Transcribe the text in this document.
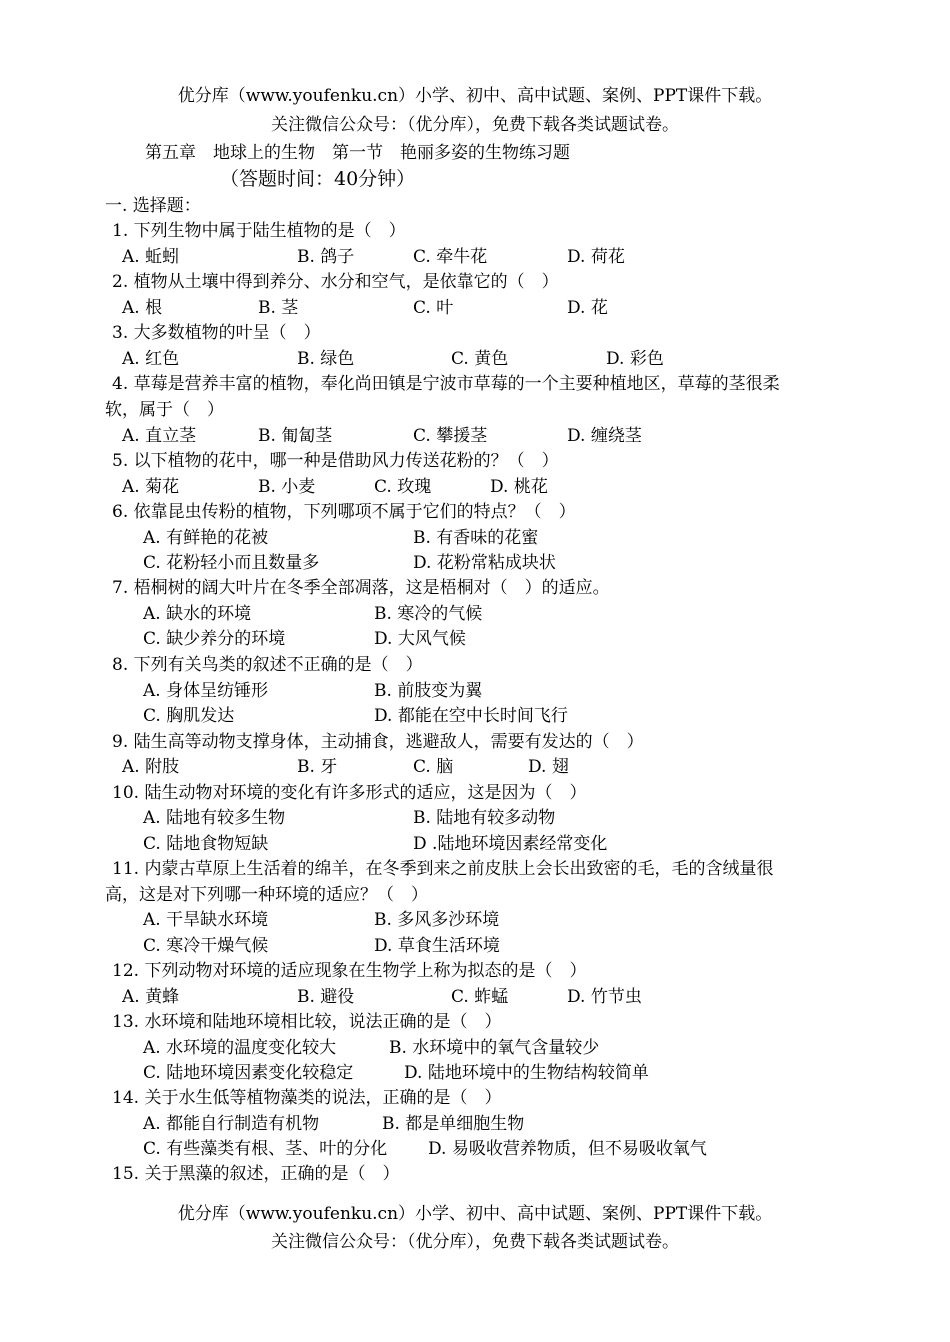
优分库（www.youfenku.cn）小学、初中、高中试题、案例、PPT课件下载。
关注微信公众号：（优分库），免费下载各类试题试卷。
第五章　地球上的生物　第一节　艳丽多姿的生物练习题
（答题时间：40分钟）
一. 选择题：
1. 下列生物中属于陆生植物的是（　）
A. 蚯蚓	B. 鸽子	C. 牵牛花	D. 荷花
2. 植物从土壤中得到养分、水分和空气，是依靠它的（　）
A. 根	B. 茎	C. 叶	D. 花
3. 大多数植物的叶呈（　）
A. 红色	B. 绿色	C. 黄色	D. 彩色
4. 草莓是营养丰富的植物，奉化尚田镇是宁波市草莓的一个主要种植地区，草莓的茎很柔
软，属于（　）
A. 直立茎	B. 匍匐茎	C. 攀援茎	D. 缠绕茎
5. 以下植物的花中，哪一种是借助风力传送花粉的？（　）
A. 菊花	B. 小麦	C. 玫瑰	D. 桃花
6. 依靠昆虫传粉的植物，下列哪项不属于它们的特点？（　）
A. 有鲜艳的花被	B. 有香味的花蜜
C. 花粉轻小而且数量多	D. 花粉常粘成块状
7. 梧桐树的阔大叶片在冬季全部凋落，这是梧桐对（　）的适应。
A. 缺水的环境	B. 寒冷的气候
C. 缺少养分的环境	D. 大风气候
8. 下列有关鸟类的叙述不正确的是（　）
A. 身体呈纺锤形	B. 前肢变为翼
C. 胸肌发达	D. 都能在空中长时间飞行
9. 陆生高等动物支撑身体，主动捕食，逃避敌人，需要有发达的（　）
A. 附肢	B. 牙	C. 脑	D. 翅
10. 陆生动物对环境的变化有许多形式的适应，这是因为（　）
A. 陆地有较多生物	B. 陆地有较多动物
C. 陆地食物短缺	D .陆地环境因素经常变化
11. 内蒙古草原上生活着的绵羊，在冬季到来之前皮肤上会长出致密的毛，毛的含绒量很
高，这是对下列哪一种环境的适应？（　）
A. 干旱缺水环境	B. 多风多沙环境
C. 寒冷干燥气候	D. 草食生活环境
12. 下列动物对环境的适应现象在生物学上称为拟态的是（　）
A. 黄蜂	B. 避役	C. 蚱蜢	D. 竹节虫
13. 水环境和陆地环境相比较，说法正确的是（　）
A. 水环境的温度变化较大	B. 水环境中的氧气含量较少
C. 陆地环境因素变化较稳定	D. 陆地环境中的生物结构较简单
14. 关于水生低等植物藻类的说法，正确的是（　）
A. 都能自行制造有机物	B. 都是单细胞生物
C. 有些藻类有根、茎、叶的分化 D. 易吸收营养物质，但不易吸收氧气
15. 关于黑藻的叙述，正确的是（　）
优分库（www.youfenku.cn）小学、初中、高中试题、案例、PPT课件下载。
关注微信公众号：（优分库），免费下载各类试题试卷。
